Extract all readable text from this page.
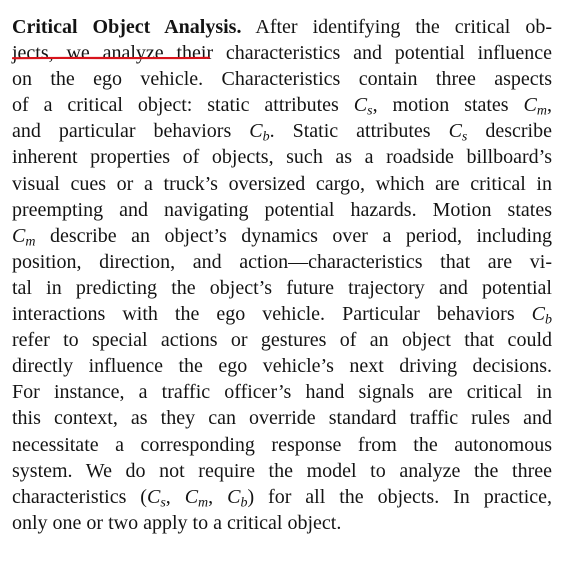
Critical Object Analysis. After identifying the critical ob-
jects, we analyze their characteristics and potential influence
on the ego vehicle. Characteristics contain three aspects
of a critical object: static attributes $C_s$, motion states $C_m$,
and particular behaviors $C_b$. Static attributes $C_s$ describe
inherent properties of objects, such as a roadside billboard’s
visual cues or a truck’s oversized cargo, which are critical in
preempting and navigating potential hazards. Motion states
$C_m$ describe an object’s dynamics over a period, including
position, direction, and action—characteristics that are vi-
tal in predicting the object’s future trajectory and potential
interactions with the ego vehicle. Particular behaviors $C_b$
refer to special actions or gestures of an object that could
directly influence the ego vehicle’s next driving decisions.
For instance, a traffic officer’s hand signals are critical in
this context, as they can override standard traffic rules and
necessitate a corresponding response from the autonomous
system. We do not require the model to analyze the three
characteristics ($C_s$, $C_m$, $C_b$) for all the objects. In practice,
only one or two apply to a critical object.
